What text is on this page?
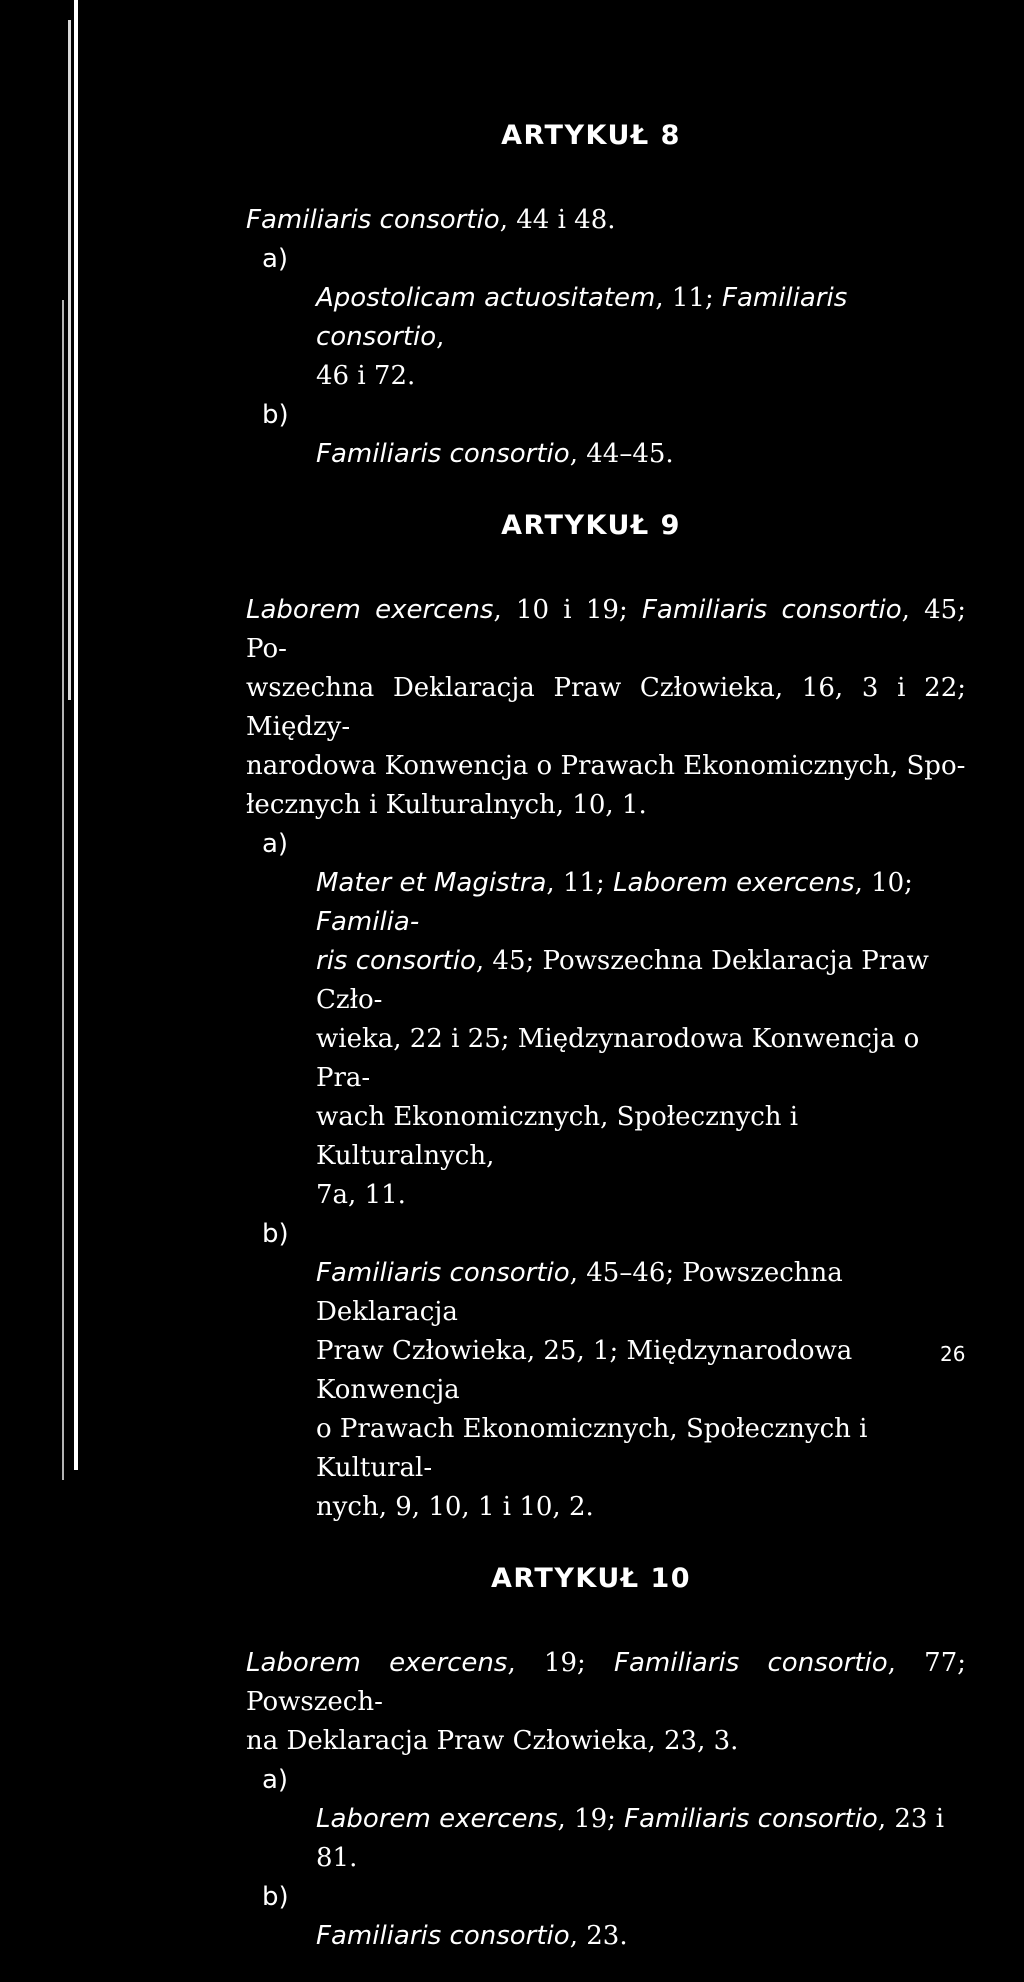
ARTYKUŁ 8

Familiaris consortio, 44 i 48.

a)
Apostolicam actuositatem, 11; Familiaris consortio,
46 i 72.

b)
Familiaris consortio, 44–45.

ARTYKUŁ 9

Laborem exercens, 10 i 19; Familiaris consortio, 45; Po-
wszechna Deklaracja Praw Człowieka, 16, 3 i 22; Między-
narodowa Konwencja o Prawach Ekonomicznych, Spo-
łecznych i Kulturalnych, 10, 1.

a)
Mater et Magistra, 11; Laborem exercens, 10; Familia-
ris consortio, 45; Powszechna Deklaracja Praw Czło-
wieka, 22 i 25; Międzynarodowa Konwencja o Pra-
wach Ekonomicznych, Społecznych i Kulturalnych,
7a, 11.

b)
Familiaris consortio, 45–46; Powszechna Deklaracja
Praw Człowieka, 25, 1; Międzynarodowa Konwencja
o Prawach Ekonomicznych, Społecznych i Kultural-
nych, 9, 10, 1 i 10, 2.

ARTYKUŁ 10

Laborem exercens, 19; Familiaris consortio, 77; Powszech-
na Deklaracja Praw Człowieka, 23, 3.

a)
Laborem exercens, 19; Familiaris consortio, 23 i 81.

b)
Familiaris consortio, 23.

26
